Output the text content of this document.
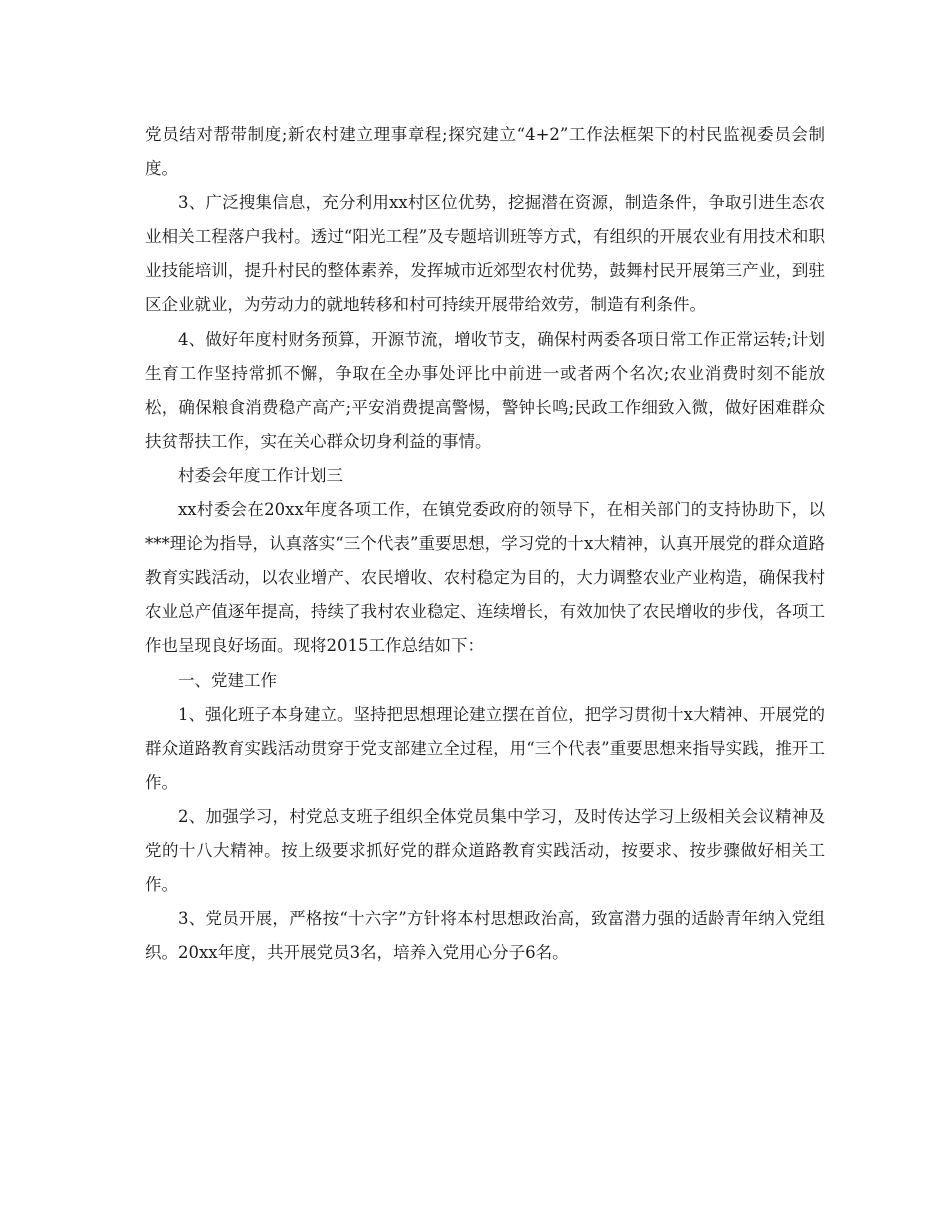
党员结对帮带制度;新农村建立理事章程;探究建立“4+2”工作法框架下的村民监视委员会制度。

3、广泛搜集信息，充分利用xx村区位优势，挖掘潜在资源，制造条件，争取引进生态农业相关工程落户我村。透过“阳光工程”及专题培训班等方式，有组织的开展农业有用技术和职业技能培训，提升村民的整体素养，发挥城市近郊型农村优势，鼓舞村民开展第三产业，到驻区企业就业，为劳动力的就地转移和村可持续开展带给效劳，制造有利条件。

4、做好年度村财务预算，开源节流，增收节支，确保村两委各项日常工作正常运转;计划生育工作坚持常抓不懈，争取在全办事处评比中前进一或者两个名次;农业消费时刻不能放松，确保粮食消费稳产高产;平安消费提高警惕，警钟长鸣;民政工作细致入微，做好困难群众扶贫帮扶工作，实在关心群众切身利益的事情。

村委会年度工作计划三

xx村委会在20xx年度各项工作，在镇党委政府的领导下，在相关部门的支持协助下，以***理论为指导，认真落实“三个代表”重要思想，学习党的十x大精神，认真开展党的群众道路教育实践活动，以农业增产、农民增收、农村稳定为目的，大力调整农业产业构造，确保我村农业总产值逐年提高，持续了我村农业稳定、连续增长，有效加快了农民增收的步伐，各项工作也呈现良好场面。现将2015工作总结如下：

一、党建工作

1、强化班子本身建立。坚持把思想理论建立摆在首位，把学习贯彻十x大精神、开展党的群众道路教育实践活动贯穿于党支部建立全过程，用“三个代表”重要思想来指导实践，推开工作。

2、加强学习，村党总支班子组织全体党员集中学习，及时传达学习上级相关会议精神及党的十八大精神。按上级要求抓好党的群众道路教育实践活动，按要求、按步骤做好相关工作。

3、党员开展，严格按“十六字”方针将本村思想政治高，致富潜力强的适龄青年纳入党组织。20xx年度，共开展党员3名，培养入党用心分子6名。
